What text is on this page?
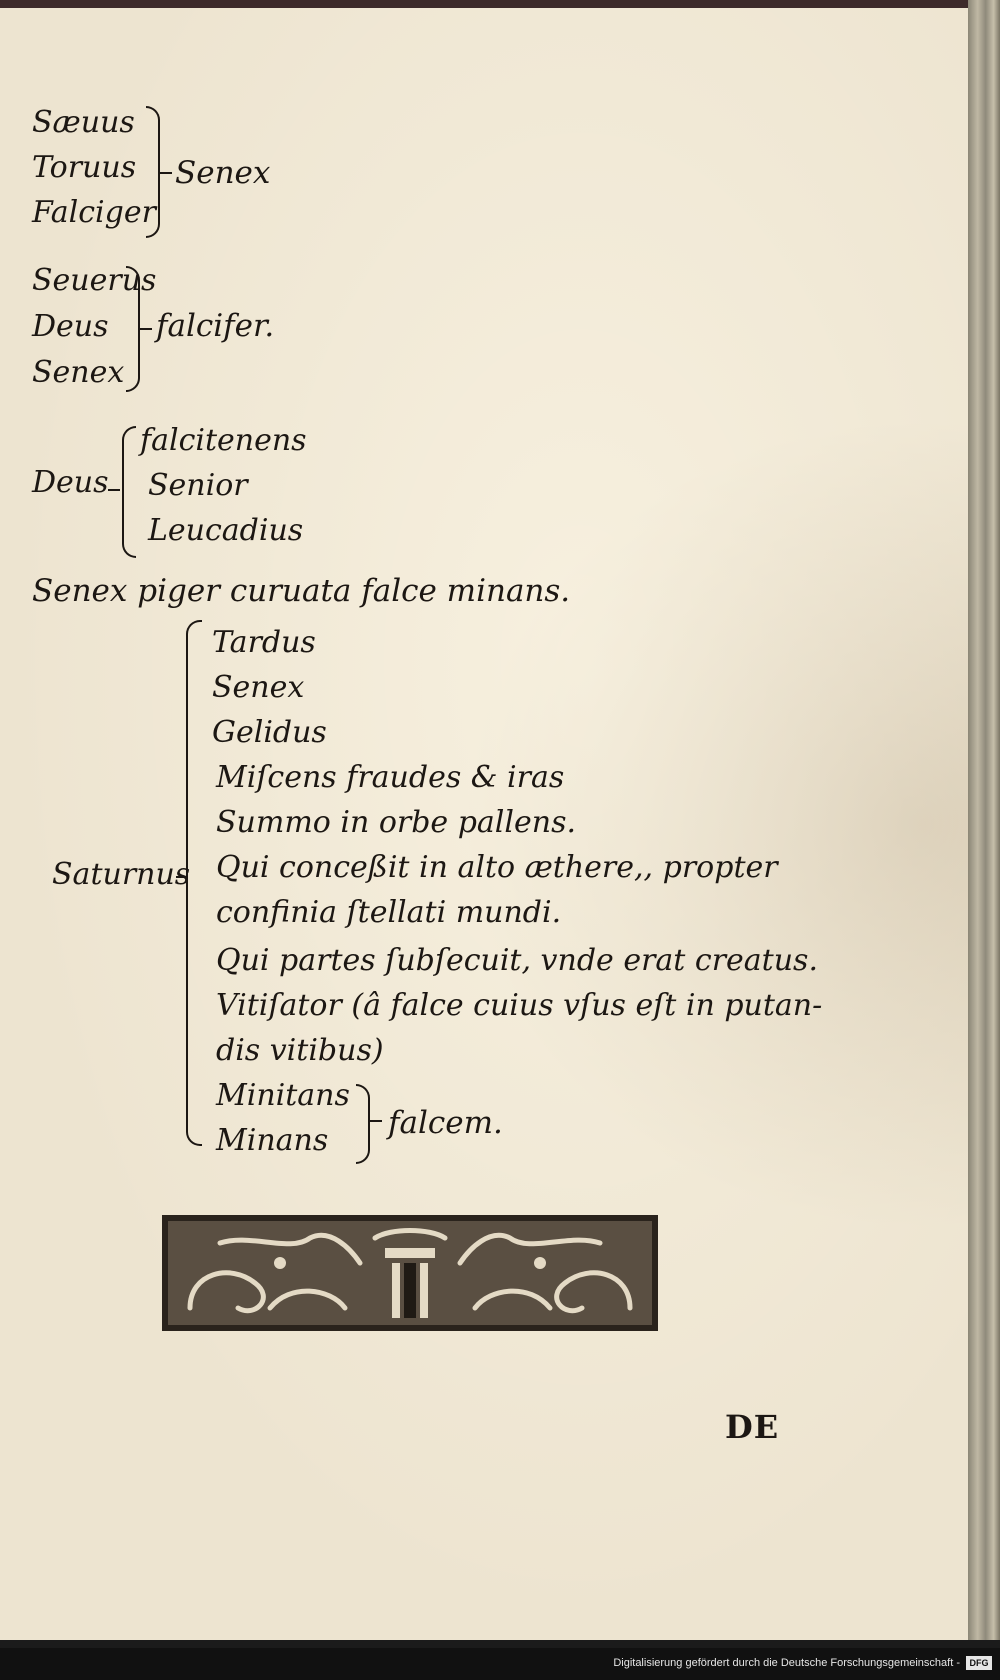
Sæuus
Toruus
Falciger
Senex
Seuerus
Deus
Senex
falcifer.
Deus
falcitenens
Senior
Leucadius
Senex piger curuata falce minans.
Saturnus
Tardus
Senex
Gelidus
Miſcens fraudes & iras
Summo in orbe pallens.
Qui conceßit in alto æthere,, propter
confinia ſtellati mundi.
Qui partes ſubſecuit, vnde erat creatus.
Vitiſator (â falce cuius vſus eſt in putan-
dis vitibus)
Minitans
Minans falcem.
DE
Digitalisierung gefördert durch die Deutsche Forschungsgemeinschaft -	DFG
